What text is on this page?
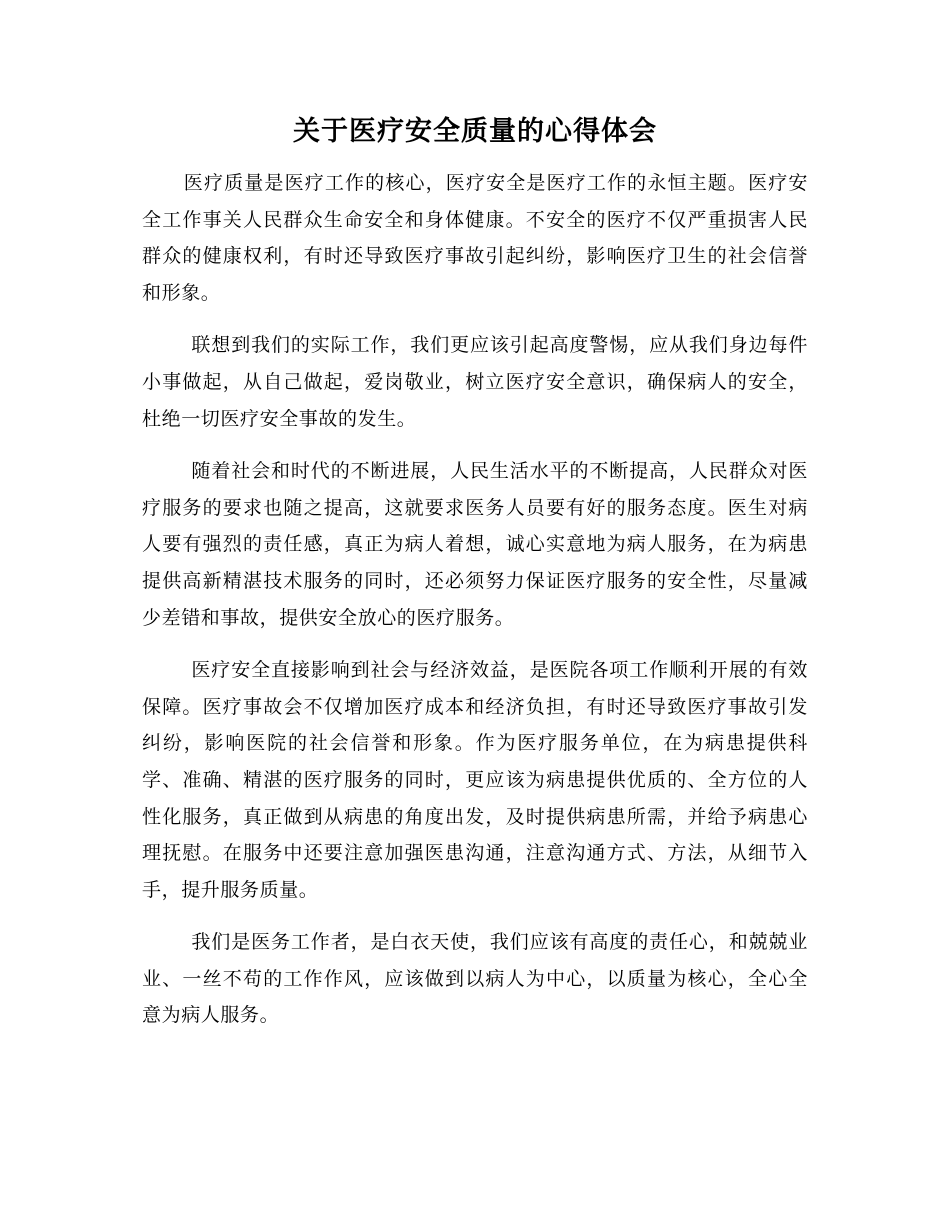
关于医疗安全质量的心得体会

医疗质量是医疗工作的核心，医疗安全是医疗工作的永恒主题。医疗安全工作事关人民群众生命安全和身体健康。不安全的医疗不仅严重损害人民群众的健康权利，有时还导致医疗事故引起纠纷，影响医疗卫生的社会信誉和形象。

联想到我们的实际工作，我们更应该引起高度警惕，应从我们身边每件小事做起，从自己做起，爱岗敬业，树立医疗安全意识，确保病人的安全，杜绝一切医疗安全事故的发生。

随着社会和时代的不断进展，人民生活水平的不断提高，人民群众对医疗服务的要求也随之提高，这就要求医务人员要有好的服务态度。医生对病人要有强烈的责任感，真正为病人着想，诚心实意地为病人服务，在为病患提供高新精湛技术服务的同时，还必须努力保证医疗服务的安全性，尽量减少差错和事故，提供安全放心的医疗服务。

医疗安全直接影响到社会与经济效益，是医院各项工作顺利开展的有效保障。医疗事故会不仅增加医疗成本和经济负担，有时还导致医疗事故引发纠纷，影响医院的社会信誉和形象。作为医疗服务单位，在为病患提供科学、准确、精湛的医疗服务的同时，更应该为病患提供优质的、全方位的人性化服务，真正做到从病患的角度出发，及时提供病患所需，并给予病患心理抚慰。在服务中还要注意加强医患沟通，注意沟通方式、方法，从细节入手，提升服务质量。

我们是医务工作者，是白衣天使，我们应该有高度的责任心，和兢兢业业、一丝不苟的工作作风，应该做到以病人为中心，以质量为核心，全心全意为病人服务。
